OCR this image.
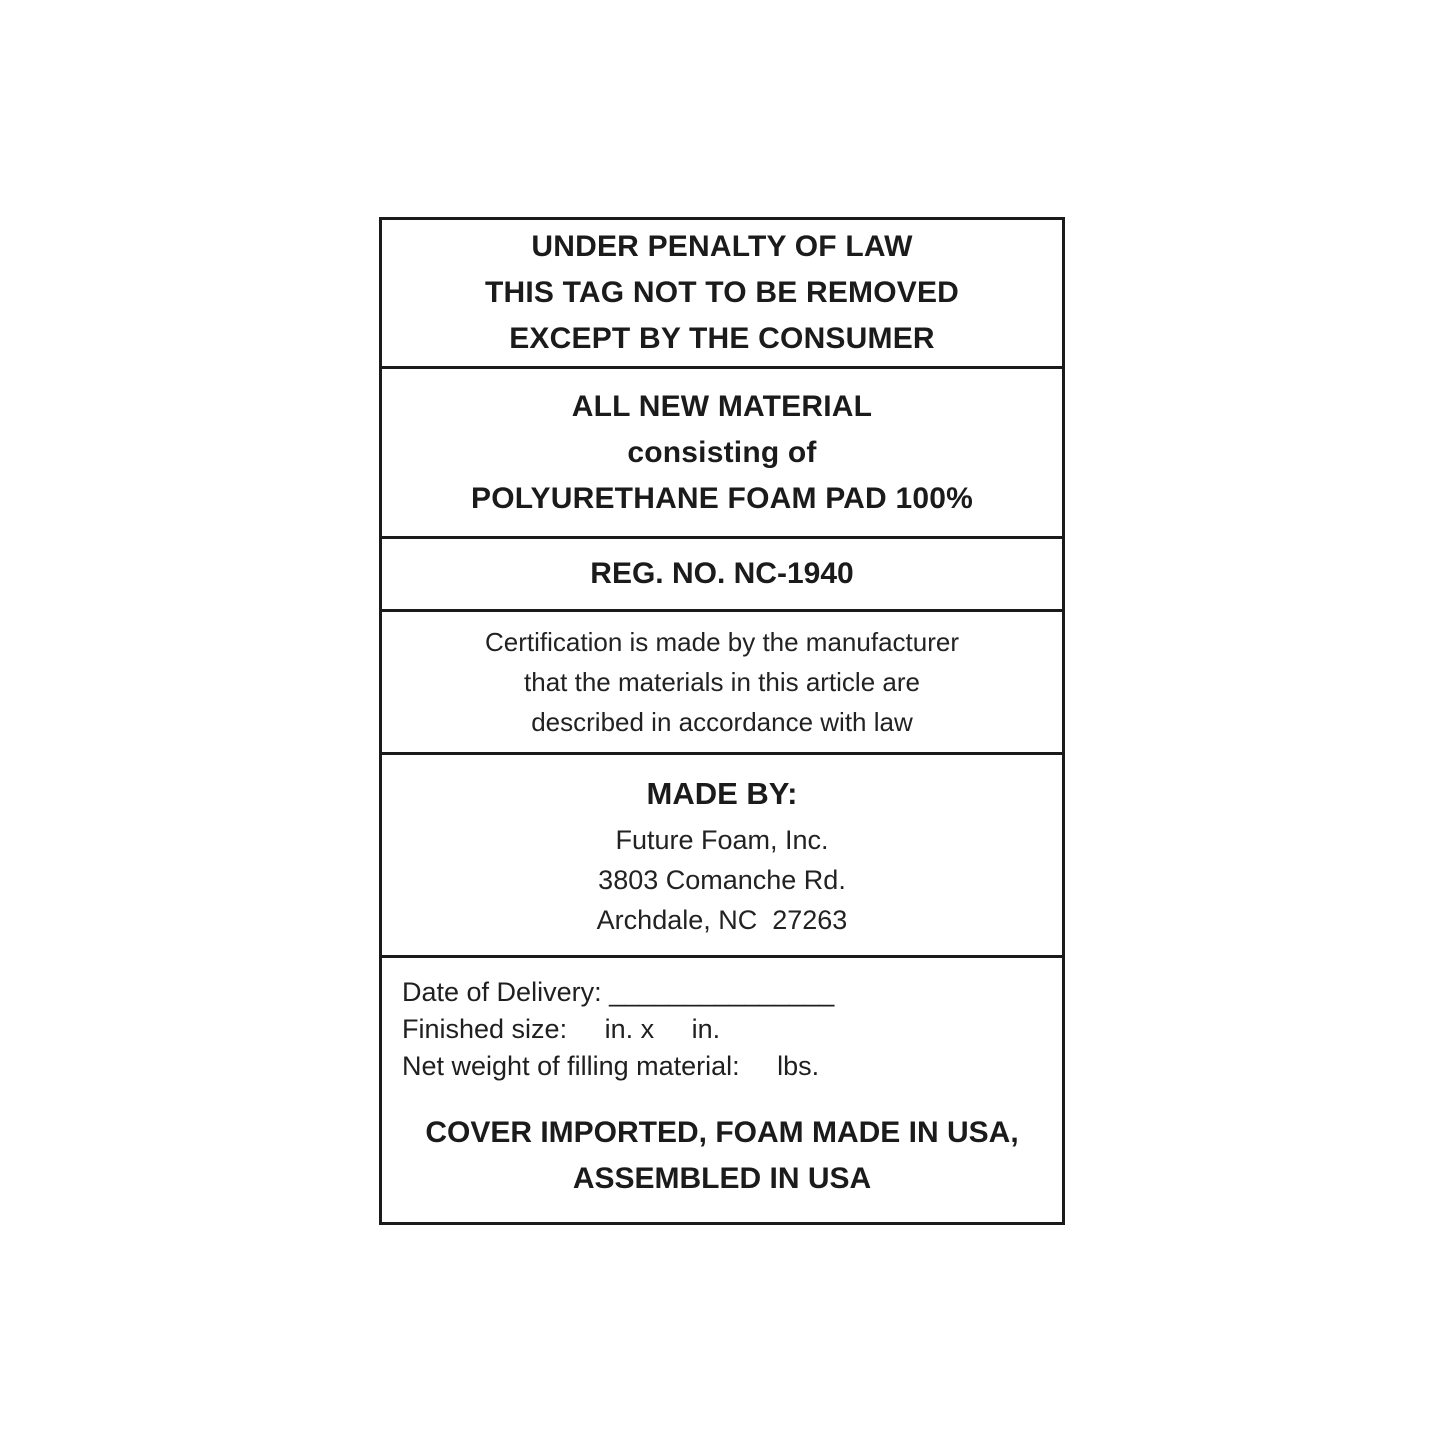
UNDER PENALTY OF LAW
THIS TAG NOT TO BE REMOVED
EXCEPT BY THE CONSUMER
ALL NEW MATERIAL
consisting of
POLYURETHANE FOAM PAD 100%
REG. NO. NC-1940
Certification is made by the manufacturer
that the materials in this article are
described in accordance with law
MADE BY:
Future Foam, Inc.
3803 Comanche Rd.
Archdale, NC  27263
Date of Delivery: _______________
Finished size:     in. x     in.
Net weight of filling material:     lbs.
COVER IMPORTED, FOAM MADE IN USA,
ASSEMBLED IN USA
